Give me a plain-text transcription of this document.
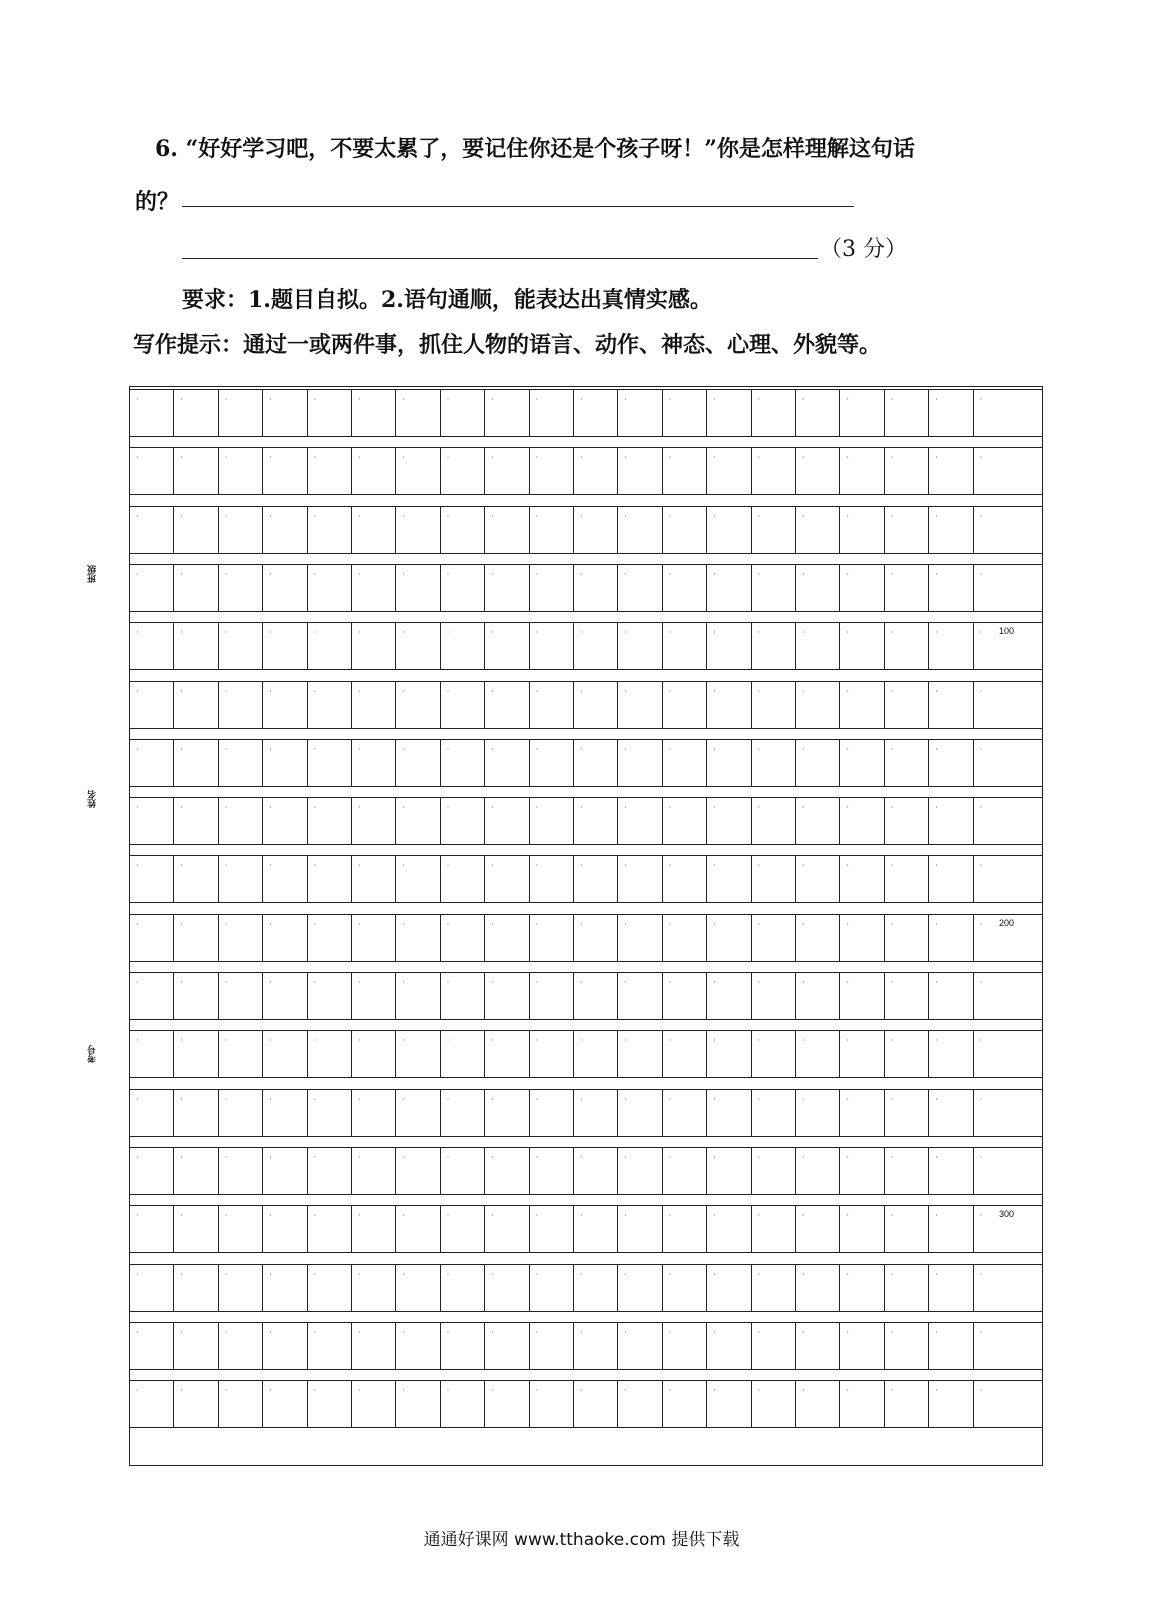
6. “好好学习吧，不要太累了，要记住你还是个孩子呀！”你是怎样理解这句话
的？
（3 分）
要求：1.题目自拟。2.语句通顺，能表达出真情实感。
写作提示：通过一或两件事，抓住人物的语言、动作、神态、心理、外貌等。
班级
姓名
考号
·	·	·	·	·	·	·	·	·	·	·	·	·	·	·	·	·	·	·	·
·	·	·	·	·	·	·	·	·	·	·	·	·	·	·	·	·	·	·	·
·	·	·	·	·	·	·	·	·	·	·	·	·	·	·	·	·	·	·	·
·	·	·	·	·	·	·	·	·	·	·	·	·	·	·	·	·	·	·	·
·	·	·	·	·	·	·	·	·	·	·	·	·	·	·	·	·	·	·	· 100
·	·	·	·	·	·	·	·	·	·	·	·	·	·	·	·	·	·	·	·
·	·	·	·	·	·	·	·	·	·	·	·	·	·	·	·	·	·	·	·
·	·	·	·	·	·	·	·	·	·	·	·	·	·	·	·	·	·	·	·
·	·	·	·	·	·	·	·	·	·	·	·	·	·	·	·	·	·	·	·
·	·	·	·	·	·	·	·	·	·	·	·	·	·	·	·	·	·	·	· 200
·	·	·	·	·	·	·	·	·	·	·	·	·	·	·	·	·	·	·	·
·	·	·	·	·	·	·	·	·	·	·	·	·	·	·	·	·	·	·	·
·	·	·	·	·	·	·	·	·	·	·	·	·	·	·	·	·	·	·	·
·	·	·	·	·	·	·	·	·	·	·	·	·	·	·	·	·	·	·	·
·	·	·	·	·	·	·	·	·	·	·	·	·	·	·	·	·	·	·	· 300
·	·	·	·	·	·	·	·	·	·	·	·	·	·	·	·	·	·	·	·
·	·	·	·	·	·	·	·	·	·	·	·	·	·	·	·	·	·	·	·
·	·	·	·	·	·	·	·	·	·	·	·	·	·	·	·	·	·	·	·
通通好课网 www.tthaoke.com 提供下载
